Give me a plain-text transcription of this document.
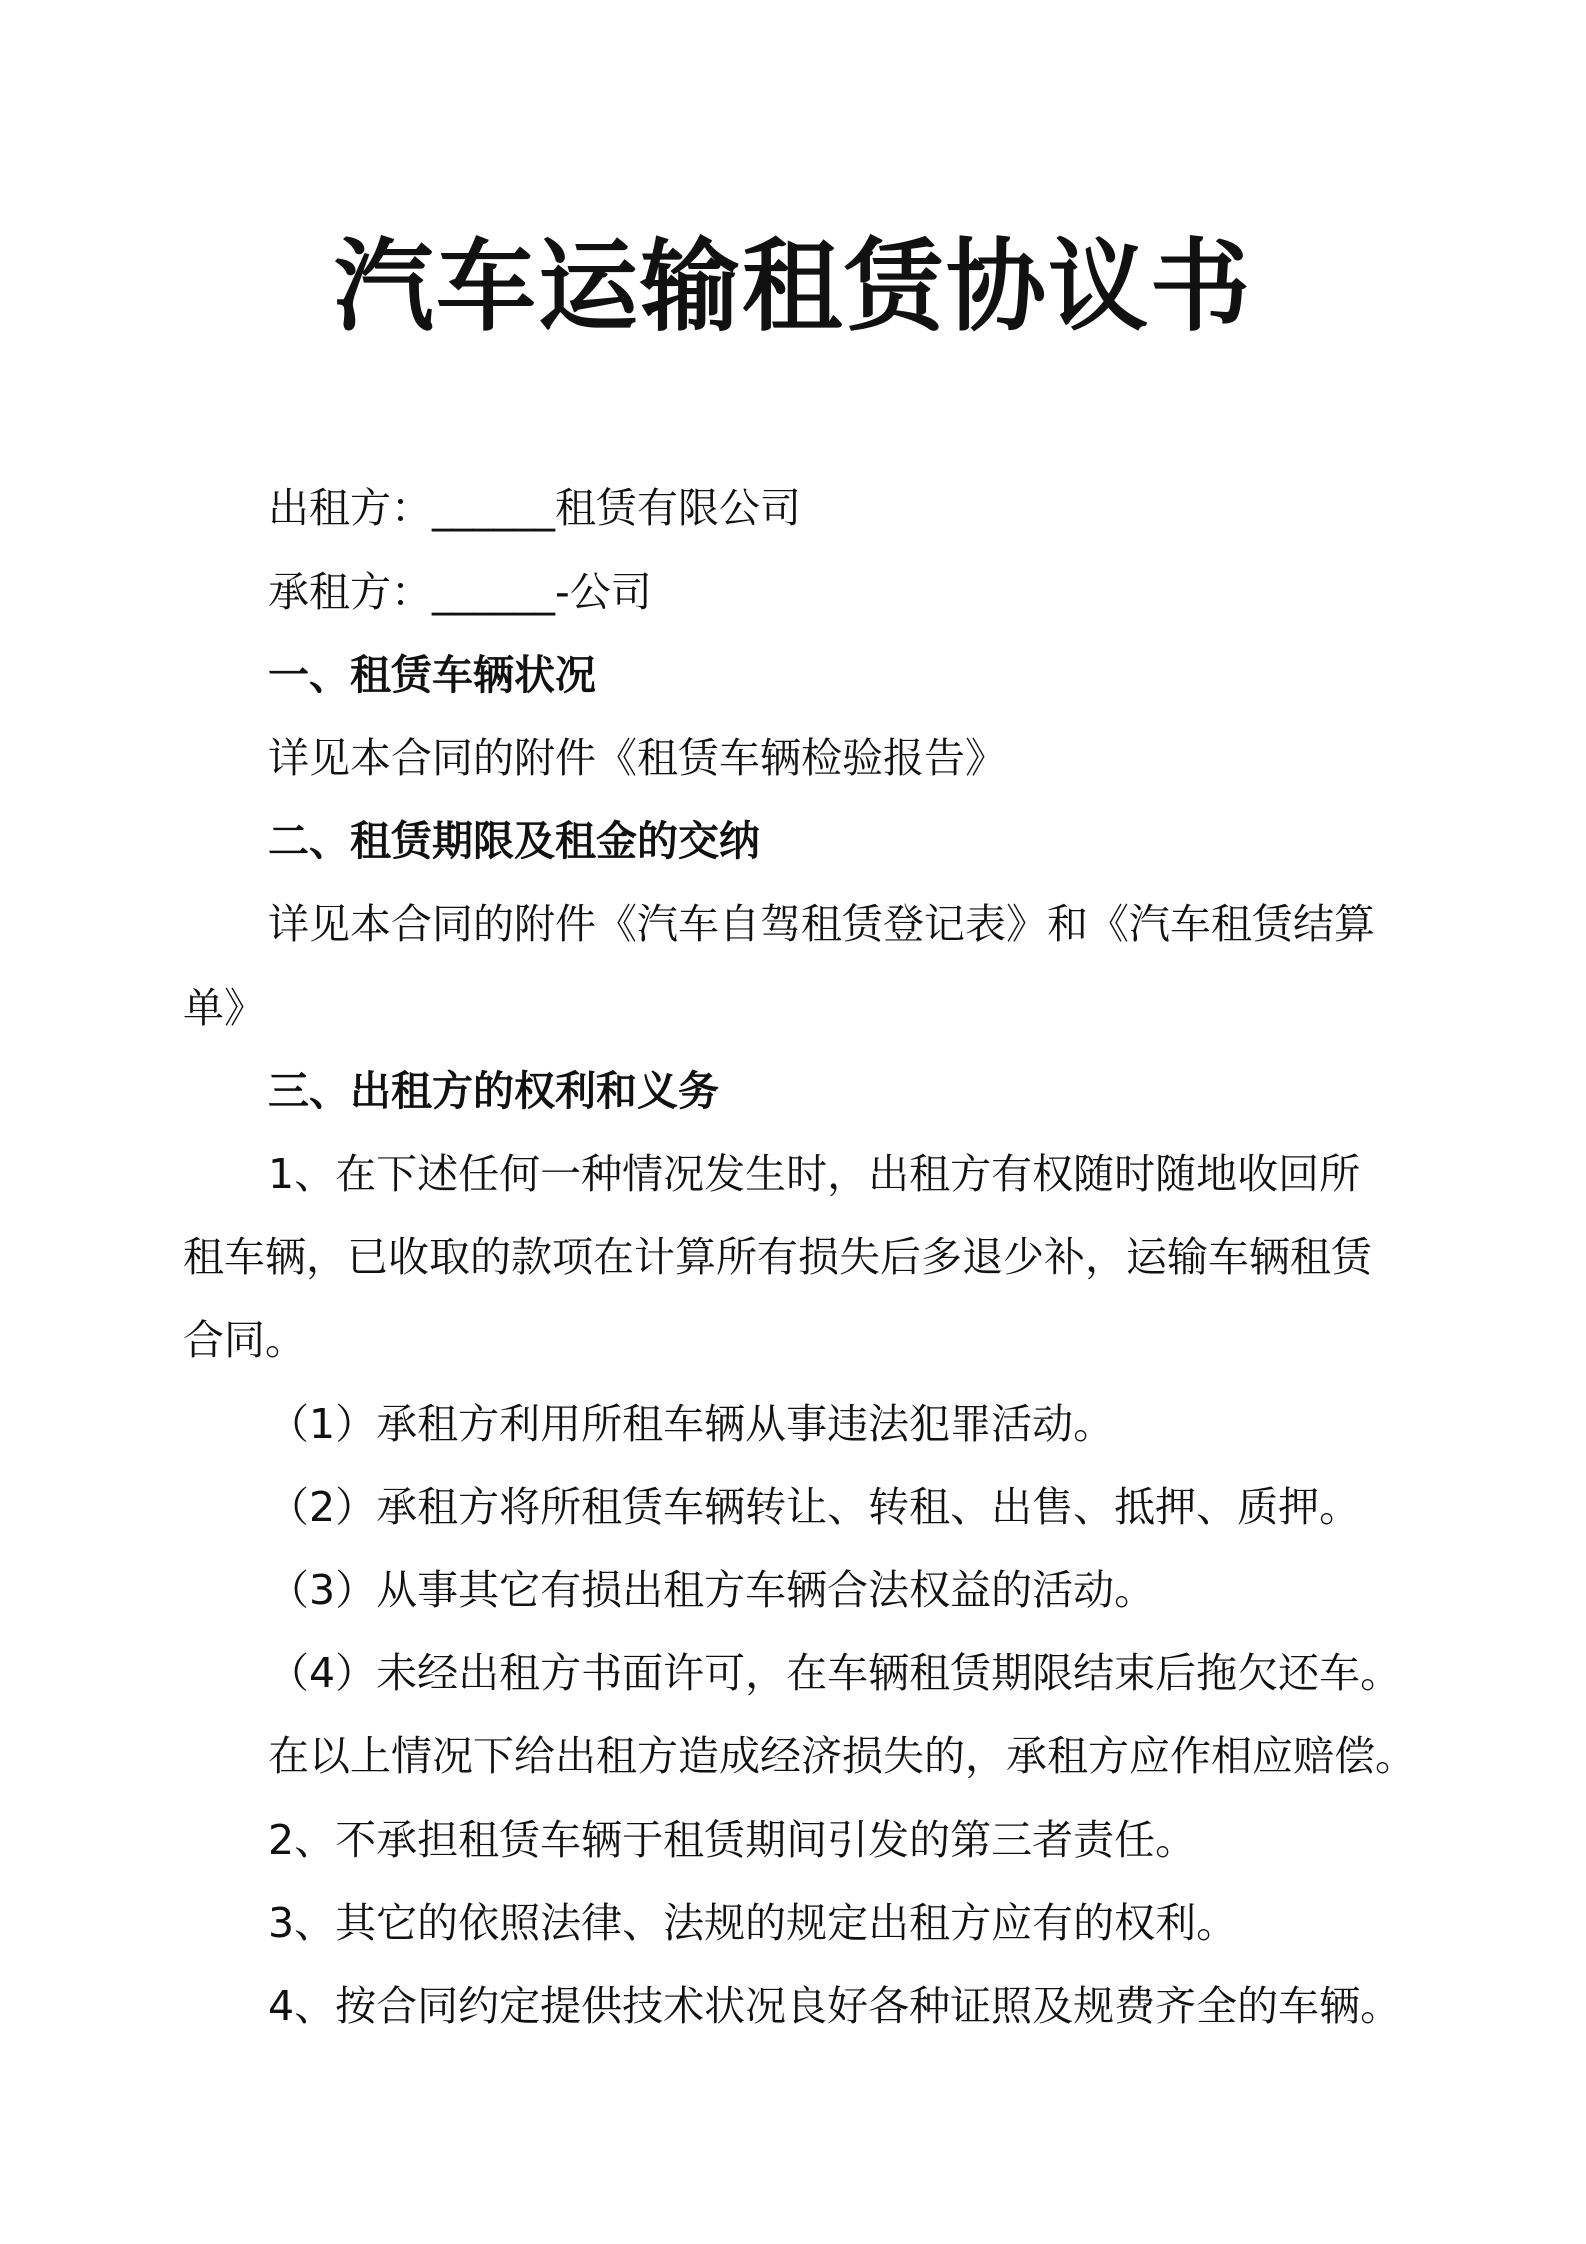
汽车运输租赁协议书

出租方：______租赁有限公司

承租方：______-公司

一、租赁车辆状况

详见本合同的附件《租赁车辆检验报告》

二、租赁期限及租金的交纳

详见本合同的附件《汽车自驾租赁登记表》和《汽车租赁结算

单》

三、出租方的权利和义务

1、在下述任何一种情况发生时，出租方有权随时随地收回所

租车辆，已收取的款项在计算所有损失后多退少补，运输车辆租赁

合同。

（1）承租方利用所租车辆从事违法犯罪活动。

（2）承租方将所租赁车辆转让、转租、出售、抵押、质押。

（3）从事其它有损出租方车辆合法权益的活动。

（4）未经出租方书面许可，在车辆租赁期限结束后拖欠还车。

在以上情况下给出租方造成经济损失的，承租方应作相应赔偿。

2、不承担租赁车辆于租赁期间引发的第三者责任。

3、其它的依照法律、法规的规定出租方应有的权利。

4、按合同约定提供技术状况良好各种证照及规费齐全的车辆。
